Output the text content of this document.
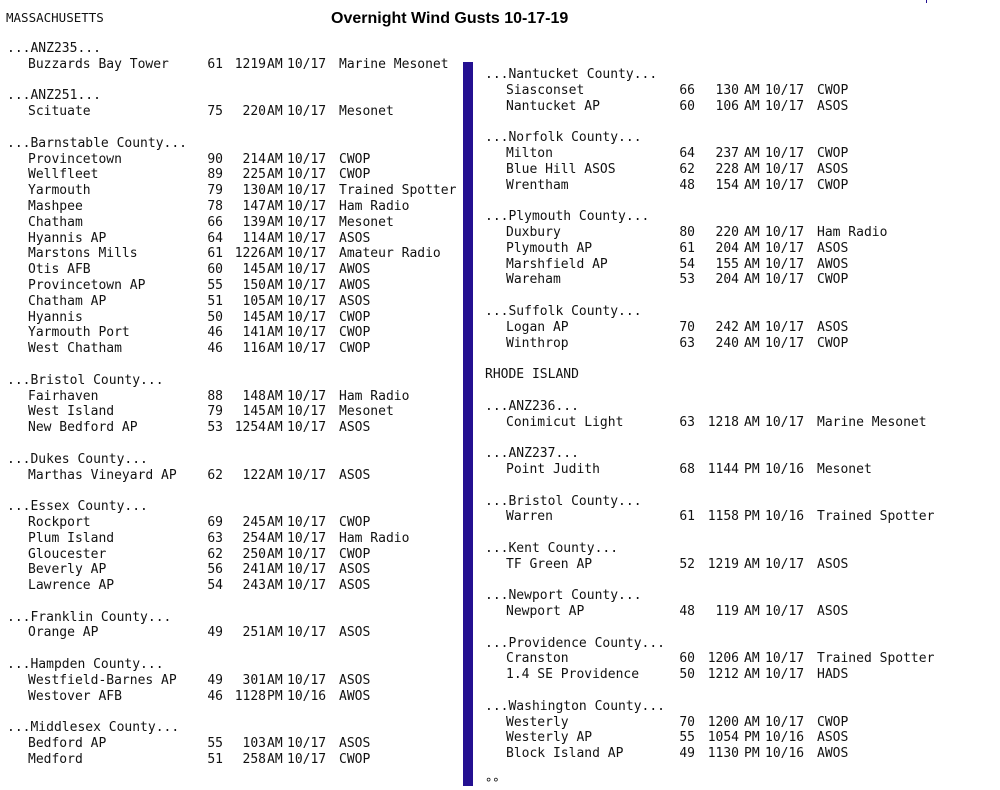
MASSACHUSETTS	Overnight Wind Gusts 10-17-19
...ANZ235...
Buzzards Bay Tower	61 1219 AM 10/17 Marine Mesonet
...ANZ251...
Scituate	75	220 AM 10/17 Mesonet
...Barnstable County...
Provincetown	90	214 AM 10/17 CWOP
Wellfleet	89	225 AM 10/17 CWOP
Yarmouth	79	130 AM 10/17 Trained Spotter
Mashpee	78	147 AM 10/17 Ham Radio
Chatham	66	139 AM 10/17 Mesonet
Hyannis AP	64	114 AM 10/17 ASOS
Marstons Mills	61 1226 AM 10/17 Amateur Radio
Otis AFB	60	145 AM 10/17 AWOS
Provincetown AP	55	150 AM 10/17 AWOS
Chatham AP	51	105 AM 10/17 ASOS
Hyannis	50	145 AM 10/17 CWOP
Yarmouth Port	46	141 AM 10/17 CWOP
West Chatham	46	116 AM 10/17 CWOP
...Bristol County...
Fairhaven	88	148 AM 10/17 Ham Radio
West Island	79	145 AM 10/17 Mesonet
New Bedford AP	53 1254 AM 10/17 ASOS
...Dukes County...
Marthas Vineyard AP	62	122 AM 10/17 ASOS
...Essex County...
Rockport	69	245 AM 10/17 CWOP
Plum Island	63	254 AM 10/17 Ham Radio
Gloucester	62	250 AM 10/17 CWOP
Beverly AP	56	241 AM 10/17 ASOS
Lawrence AP	54	243 AM 10/17 ASOS
...Franklin County...
Orange AP	49	251 AM 10/17 ASOS
...Hampden County...
Westfield-Barnes AP	49	301 AM 10/17 ASOS
Westover AFB	46 1128 PM 10/16 AWOS
...Middlesex County...
Bedford AP	55	103 AM 10/17 ASOS
Medford	51	258 AM 10/17 CWOP
...Nantucket County...
Siasconset	66	130 AM 10/17 CWOP
Nantucket AP	60	106 AM 10/17 ASOS
...Norfolk County...
Milton	64	237 AM 10/17 CWOP
Blue Hill ASOS	62	228 AM 10/17 ASOS
Wrentham	48	154 AM 10/17 CWOP
...Plymouth County...
Duxbury	80	220 AM 10/17 Ham Radio
Plymouth AP	61	204 AM 10/17 ASOS
Marshfield AP	54	155 AM 10/17 AWOS
Wareham	53	204 AM 10/17 CWOP
...Suffolk County...
Logan AP	70	242 AM 10/17 ASOS
Winthrop	63	240 AM 10/17 CWOP
RHODE ISLAND
...ANZ236...
Conimicut Light	63 1218 AM 10/17 Marine Mesonet
...ANZ237...
Point Judith	68 1144 PM 10/16 Mesonet
...Bristol County...
Warren	61 1158 PM 10/16 Trained Spotter
...Kent County...
TF Green AP	52 1219 AM 10/17 ASOS
...Newport County...
Newport AP	48	119 AM 10/17 ASOS
...Providence County...
Cranston	60 1206 AM 10/17 Trained Spotter
1.4 SE Providence	50 1212 AM 10/17 HADS
...Washington County...
Westerly	70 1200 AM 10/17 CWOP
Westerly AP	55 1054 PM 10/16 ASOS
Block Island AP	49 1130 PM 10/16 AWOS
°°
